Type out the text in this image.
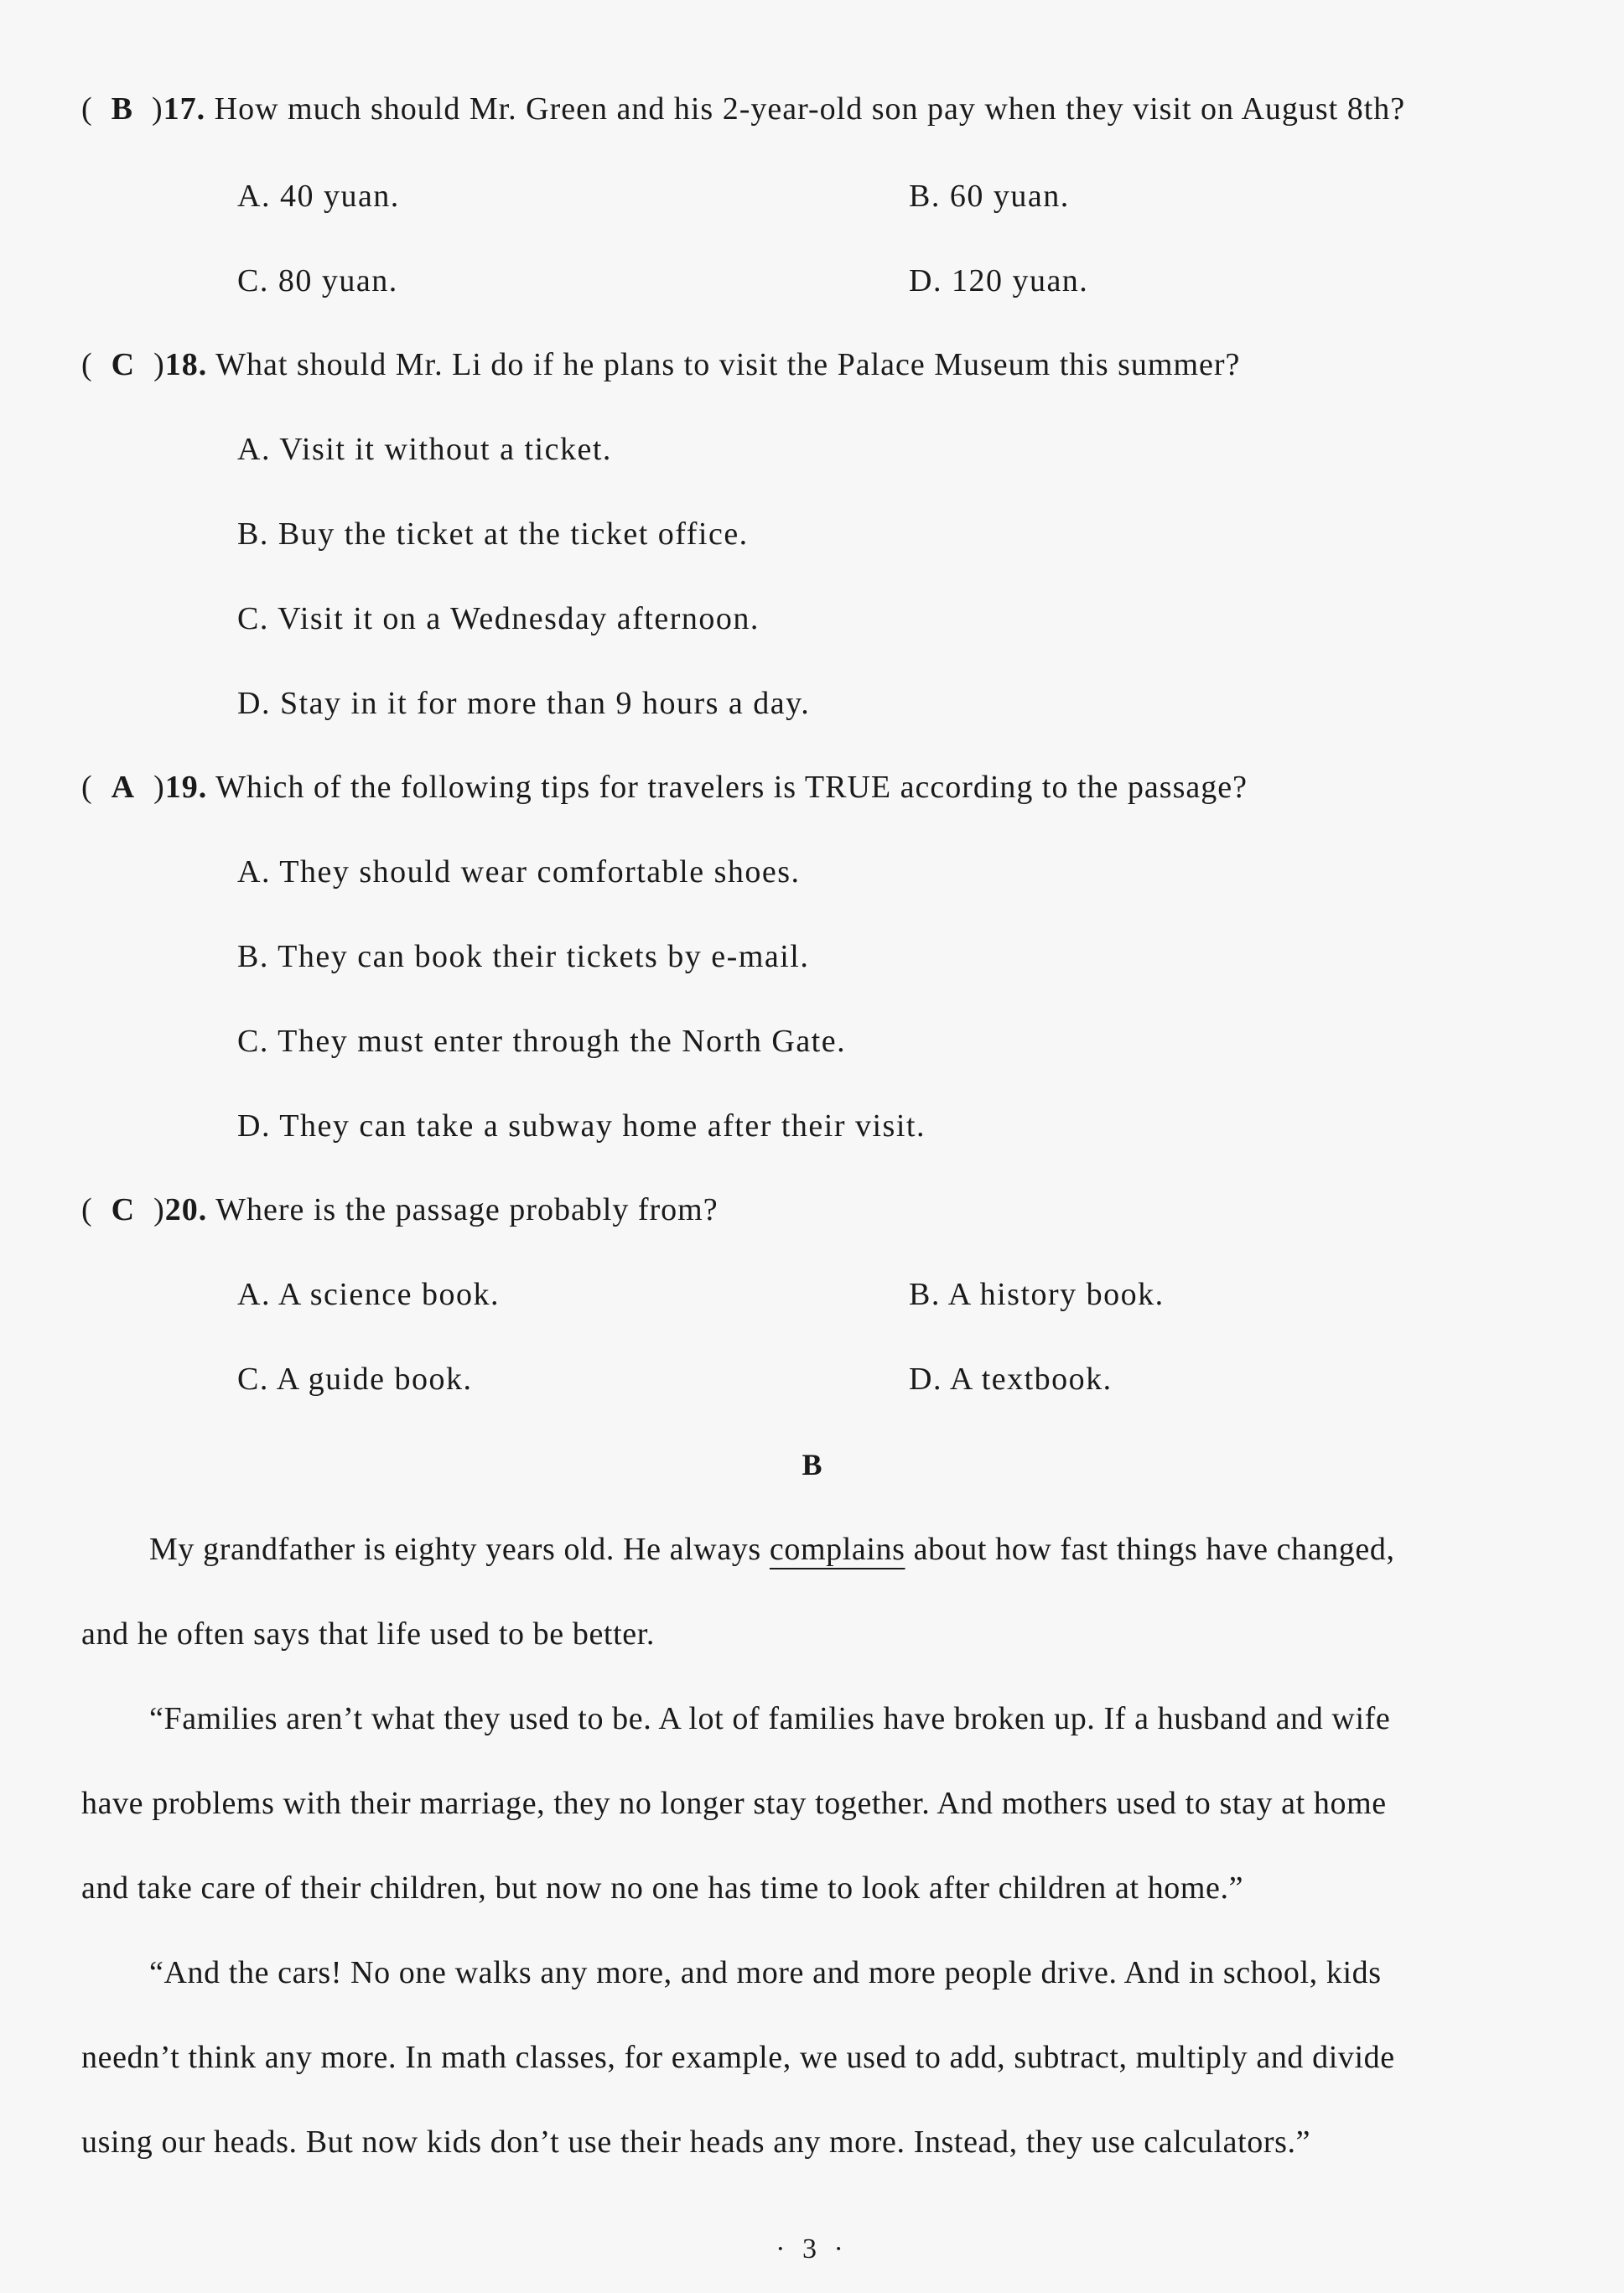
( B )17. How much should Mr. Green and his 2-year-old son pay when they visit on August 8th?
A. 40 yuan.	B. 60 yuan.
C. 80 yuan.	D. 120 yuan.
( C )18. What should Mr. Li do if he plans to visit the Palace Museum this summer?
A. Visit it without a ticket.
B. Buy the ticket at the ticket office.
C. Visit it on a Wednesday afternoon.
D. Stay in it for more than 9 hours a day.
( A )19. Which of the following tips for travelers is TRUE according to the passage?
A. They should wear comfortable shoes.
B. They can book their tickets by e-mail.
C. They must enter through the North Gate.
D. They can take a subway home after their visit.
( C )20. Where is the passage probably from?
A. A science book.	B. A history book.
C. A guide book.	D. A textbook.
B
My grandfather is eighty years old. He always complains about how fast things have changed,
and he often says that life used to be better.
“Families aren’t what they used to be. A lot of families have broken up. If a husband and wife
have problems with their marriage, they no longer stay together. And mothers used to stay at home
and take care of their children, but now no one has time to look after children at home.”
“And the cars! No one walks any more, and more and more people drive. And in school, kids
needn’t think any more. In math classes, for example, we used to add, subtract, multiply and divide
using our heads. But now kids don’t use their heads any more. Instead, they use calculators.”
· 3 ·
